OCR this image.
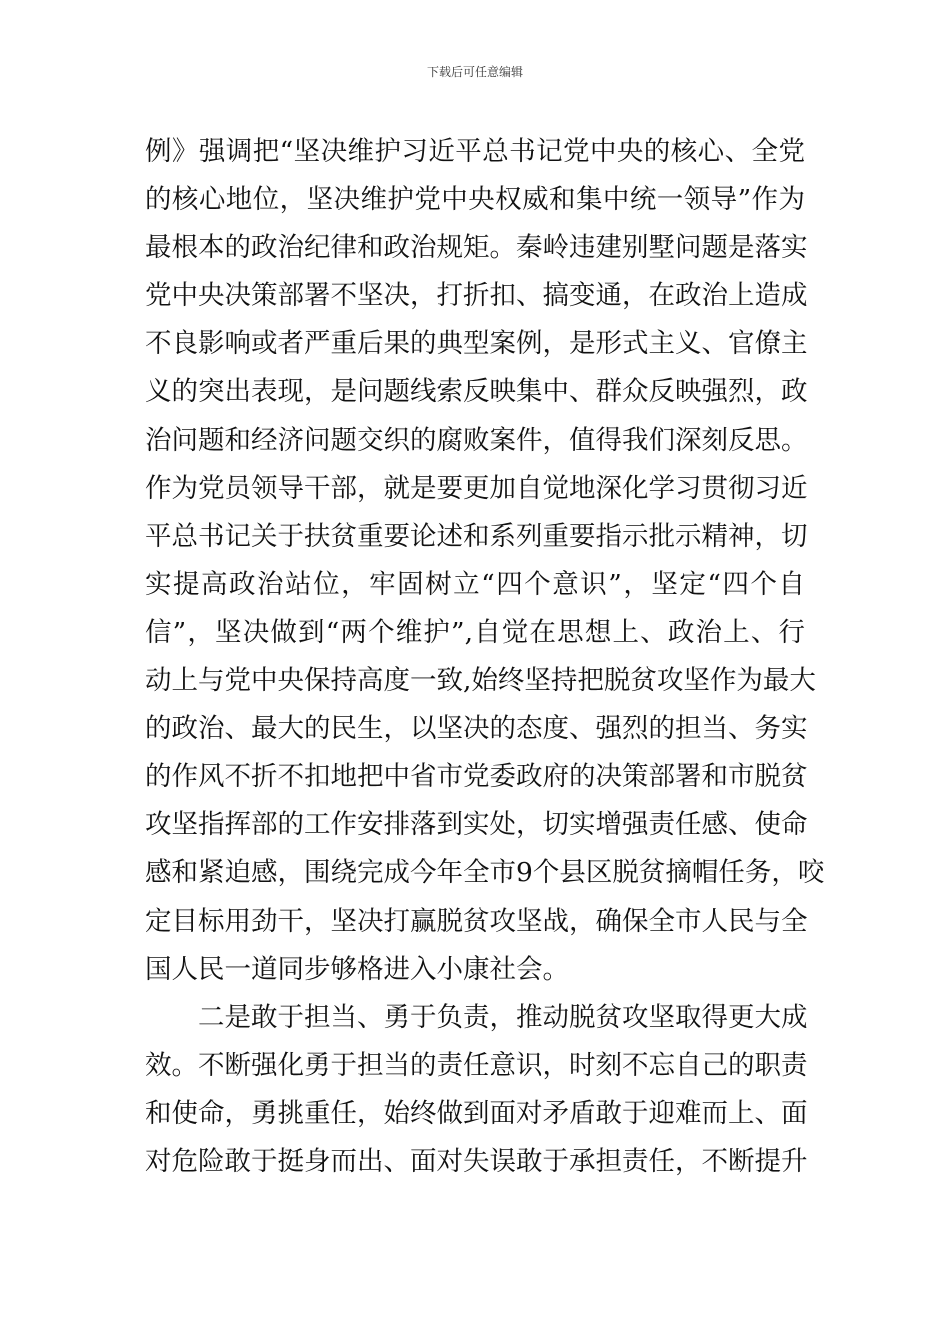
下载后可任意编辑
例》强调把“坚决维护习近平总书记党中央的核心、全党
的核心地位，坚决维护党中央权威和集中统一领导”作为
最根本的政治纪律和政治规矩。秦岭违建别墅问题是落实
党中央决策部署不坚决，打折扣、搞变通，在政治上造成
不良影响或者严重后果的典型案例，是形式主义、官僚主
义的突出表现，是问题线索反映集中、群众反映强烈，政
治问题和经济问题交织的腐败案件，值得我们深刻反思。
作为党员领导干部，就是要更加自觉地深化学习贯彻习近
平总书记关于扶贫重要论述和系列重要指示批示精神，切
实提高政治站位，牢固树立“四个意识”，坚定“四个自
信”，坚决做到“两个维护”,自觉在思想上、政治上、行
动上与党中央保持高度一致,始终坚持把脱贫攻坚作为最大
的政治、最大的民生，以坚决的态度、强烈的担当、务实
的作风不折不扣地把中省市党委政府的决策部署和市脱贫
攻坚指挥部的工作安排落到实处，切实增强责任感、使命
感和紧迫感，围绕完成今年全市9个县区脱贫摘帽任务，咬
定目标用劲干，坚决打赢脱贫攻坚战，确保全市人民与全
国人民一道同步够格进入小康社会。
二是敢于担当、勇于负责，推动脱贫攻坚取得更大成
效。不断强化勇于担当的责任意识，时刻不忘自己的职责
和使命，勇挑重任，始终做到面对矛盾敢于迎难而上、面
对危险敢于挺身而出、面对失误敢于承担责任，不断提升
